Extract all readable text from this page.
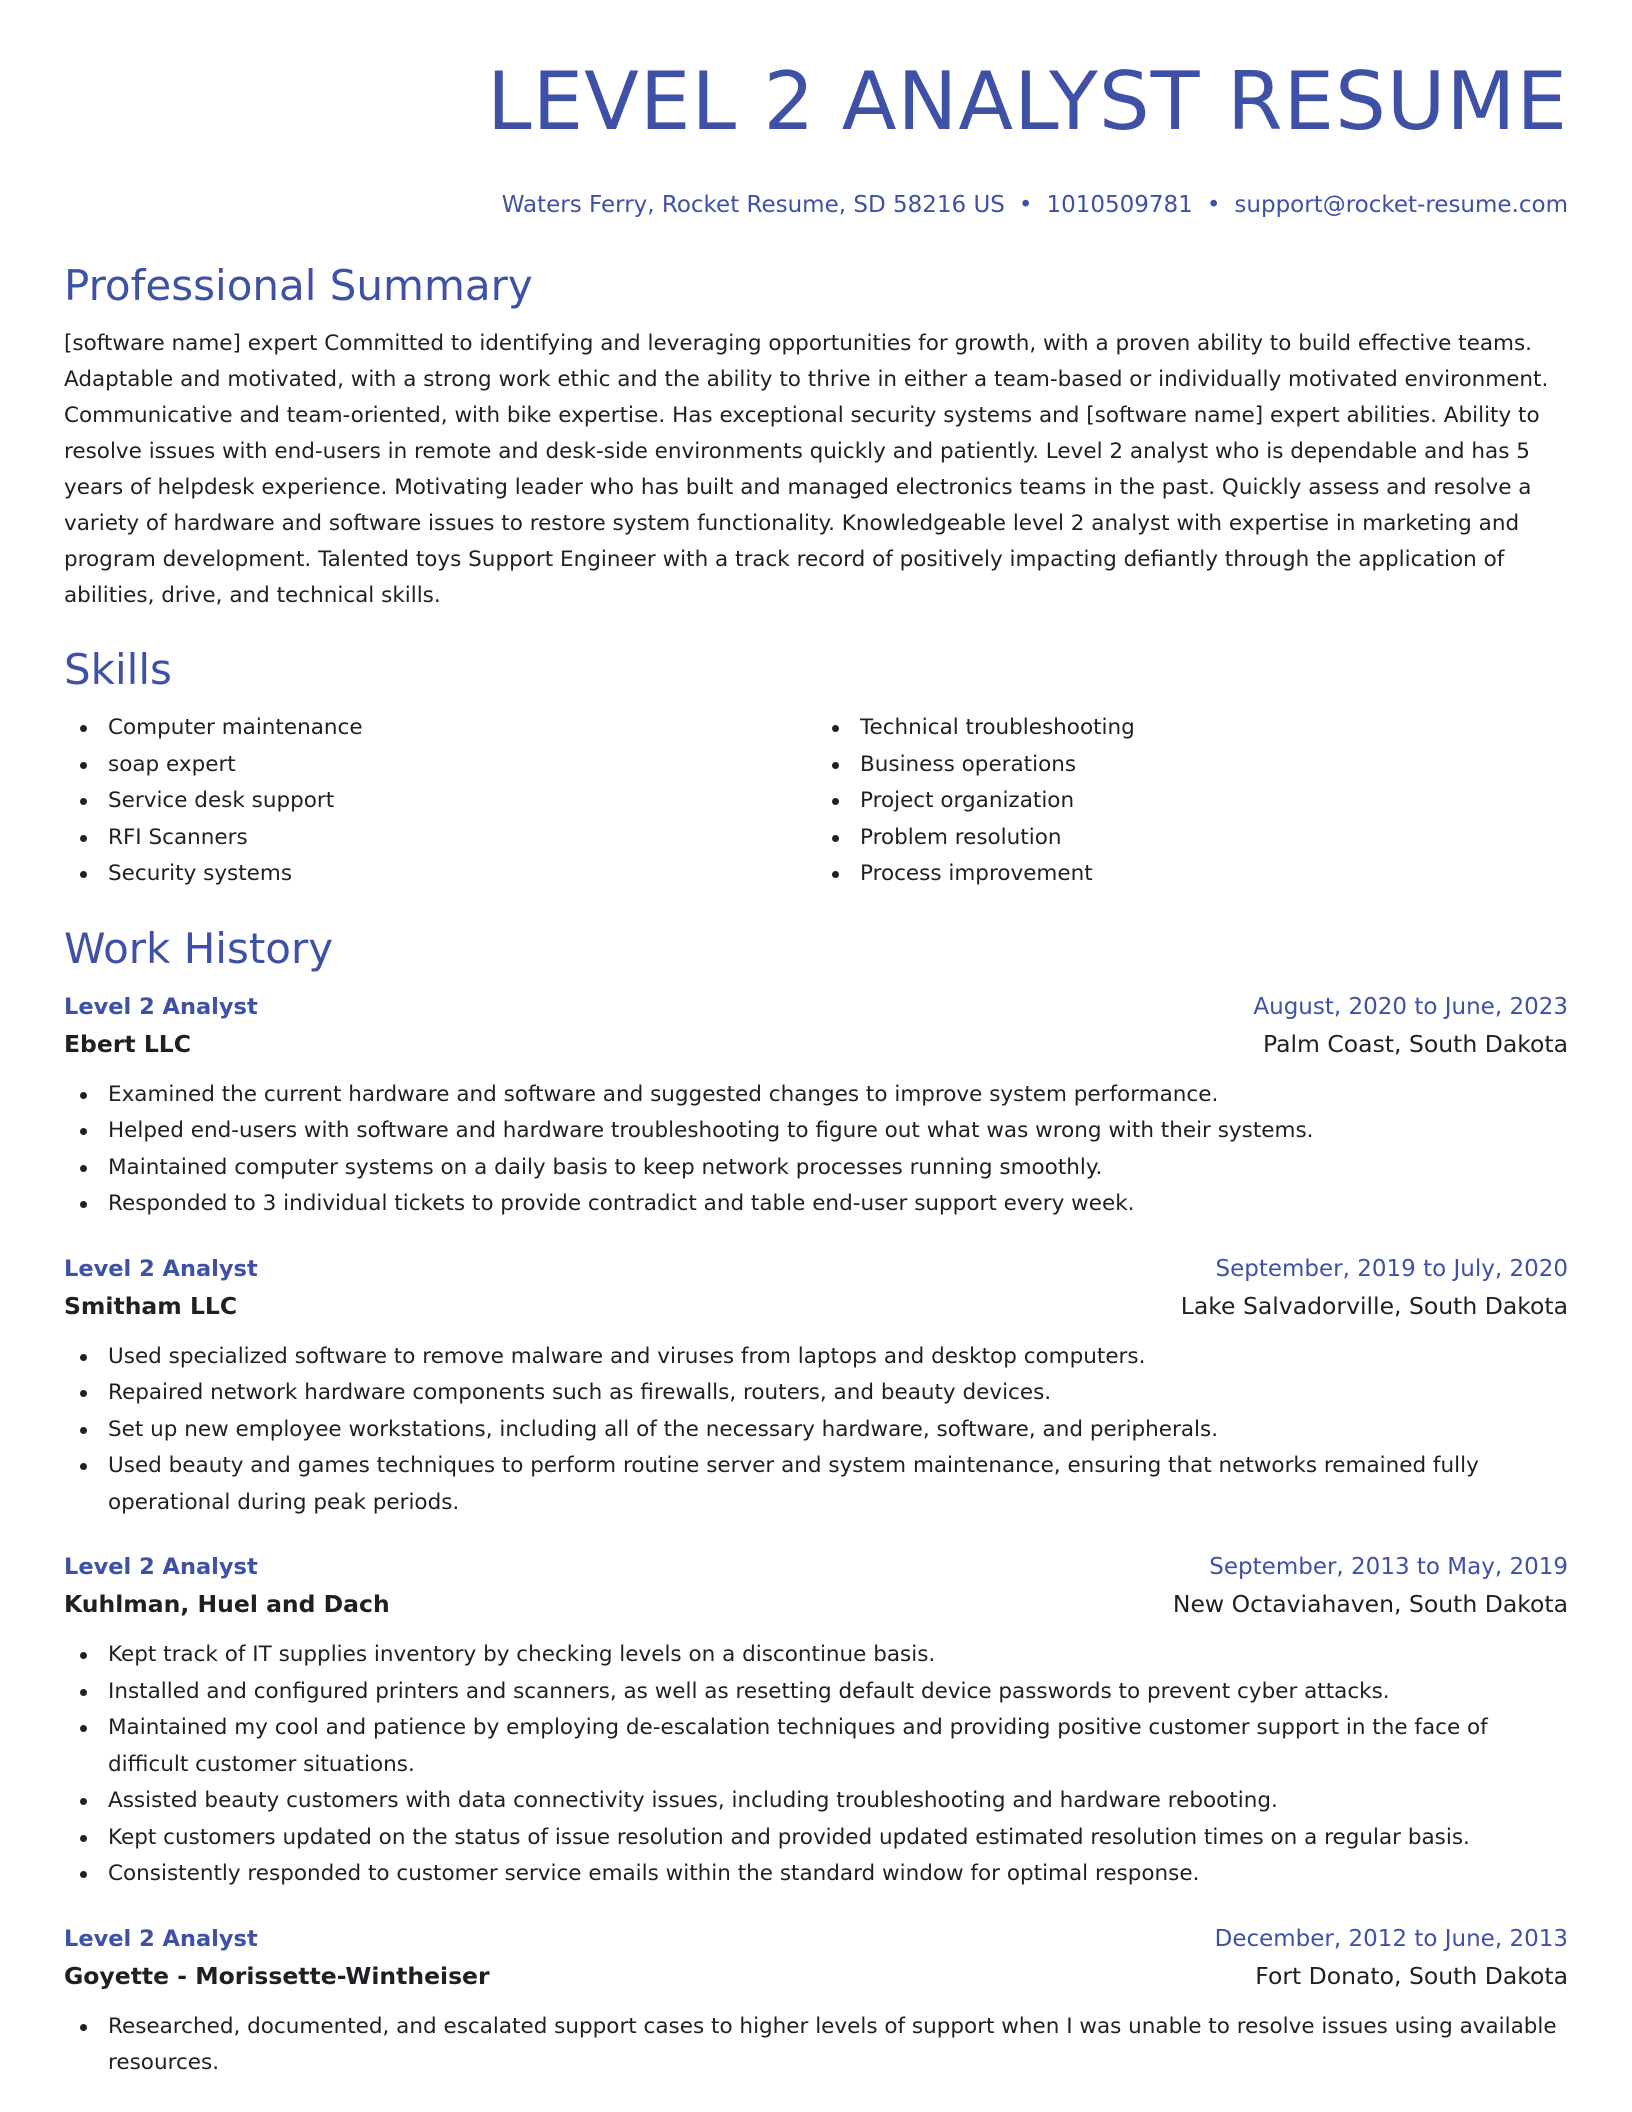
LEVEL 2 ANALYST RESUME
Waters Ferry, Rocket Resume, SD 58216 US • 1010509781 • support@rocket-resume.com
Professional Summary

[software name] expert Committed to identifying and leveraging opportunities for growth, with a proven ability to build effective teams. Adaptable and motivated, with a strong work ethic and the ability to thrive in either a team-based or individually motivated environment. Communicative and team-oriented, with bike expertise. Has exceptional security systems and [software name] expert abilities. Ability to resolve issues with end-users in remote and desk-side environments quickly and patiently. Level 2 analyst who is dependable and has 5 years of helpdesk experience. Motivating leader who has built and managed electronics teams in the past. Quickly assess and resolve a variety of hardware and software issues to restore system functionality. Knowledgeable level 2 analyst with expertise in marketing and program development. Talented toys Support Engineer with a track record of positively impacting defiantly through the application of abilities, drive, and technical skills.

Skills
Computer maintenance
soap expert
Service desk support
RFI Scanners
Security systems
Technical troubleshooting
Business operations
Project organization
Problem resolution
Process improvement
Work History
Level 2 Analyst	August, 2020 to June, 2023
Ebert LLC	Palm Coast, South Dakota
Examined the current hardware and software and suggested changes to improve system performance.
Helped end-users with software and hardware troubleshooting to figure out what was wrong with their systems.
Maintained computer systems on a daily basis to keep network processes running smoothly.
Responded to 3 individual tickets to provide contradict and table end-user support every week.
Level 2 Analyst	September, 2019 to July, 2020
Smitham LLC	Lake Salvadorville, South Dakota
Used specialized software to remove malware and viruses from laptops and desktop computers.
Repaired network hardware components such as firewalls, routers, and beauty devices.
Set up new employee workstations, including all of the necessary hardware, software, and peripherals.
Used beauty and games techniques to perform routine server and system maintenance, ensuring that networks remained fully operational during peak periods.
Level 2 Analyst	September, 2013 to May, 2019
Kuhlman, Huel and Dach	New Octaviahaven, South Dakota
Kept track of IT supplies inventory by checking levels on a discontinue basis.
Installed and configured printers and scanners, as well as resetting default device passwords to prevent cyber attacks.
Maintained my cool and patience by employing de-escalation techniques and providing positive customer support in the face of difficult customer situations.
Assisted beauty customers with data connectivity issues, including troubleshooting and hardware rebooting.
Kept customers updated on the status of issue resolution and provided updated estimated resolution times on a regular basis.
Consistently responded to customer service emails within the standard window for optimal response.
Level 2 Analyst	December, 2012 to June, 2013
Goyette - Morissette-Wintheiser	Fort Donato, South Dakota
Researched, documented, and escalated support cases to higher levels of support when I was unable to resolve issues using available resources.
